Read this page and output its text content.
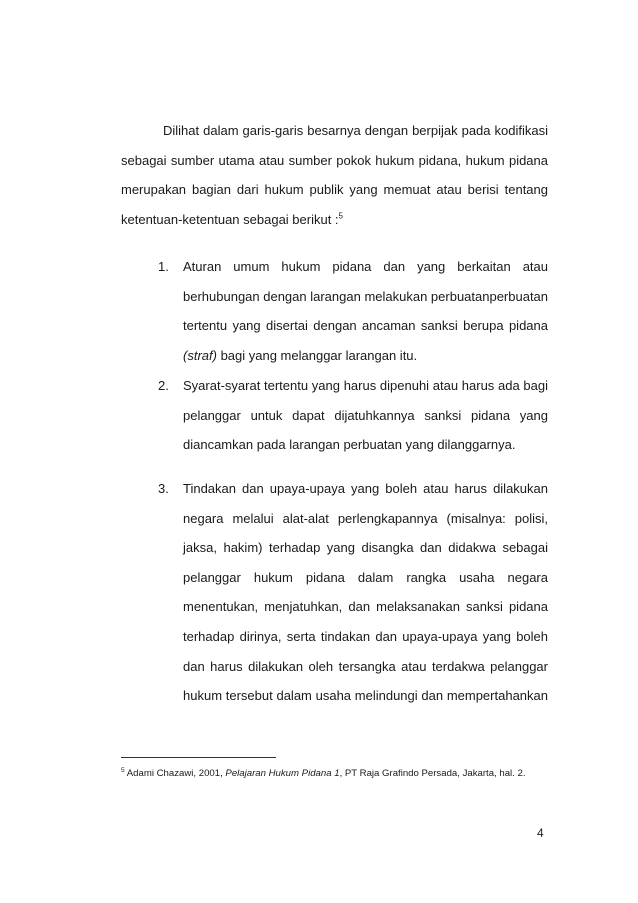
Dilihat dalam garis-garis besarnya dengan berpijak pada kodifikasi
sebagai sumber utama atau sumber pokok hukum pidana, hukum pidana
merupakan bagian dari hukum publik yang memuat atau berisi tentang
ketentuan-ketentuan sebagai berikut :$^5$
1.	Aturan umum hukum pidana dan yang berkaitan atau
berhubungan dengan larangan melakukan perbuatanperbuatan
tertentu yang disertai dengan ancaman sanksi berupa pidana
(straf) bagi yang melanggar larangan itu.
2.	Syarat-syarat tertentu yang harus dipenuhi atau harus ada bagi
pelanggar untuk dapat dijatuhkannya sanksi pidana yang
diancamkan pada larangan perbuatan yang dilanggarnya.
3.	Tindakan dan upaya-upaya yang boleh atau harus dilakukan
negara melalui alat-alat perlengkapannya (misalnya: polisi,
jaksa, hakim) terhadap yang disangka dan didakwa sebagai
pelanggar hukum pidana dalam rangka usaha negara
menentukan, menjatuhkan, dan melaksanakan sanksi pidana
terhadap dirinya, serta tindakan dan upaya-upaya yang boleh
dan harus dilakukan oleh tersangka atau terdakwa pelanggar
hukum tersebut dalam usaha melindungi dan mempertahankan
$^5$ Adami Chazawi, 2001, Pelajaran Hukum Pidana 1, PT Raja Grafindo Persada, Jakarta, hal. 2.
4
